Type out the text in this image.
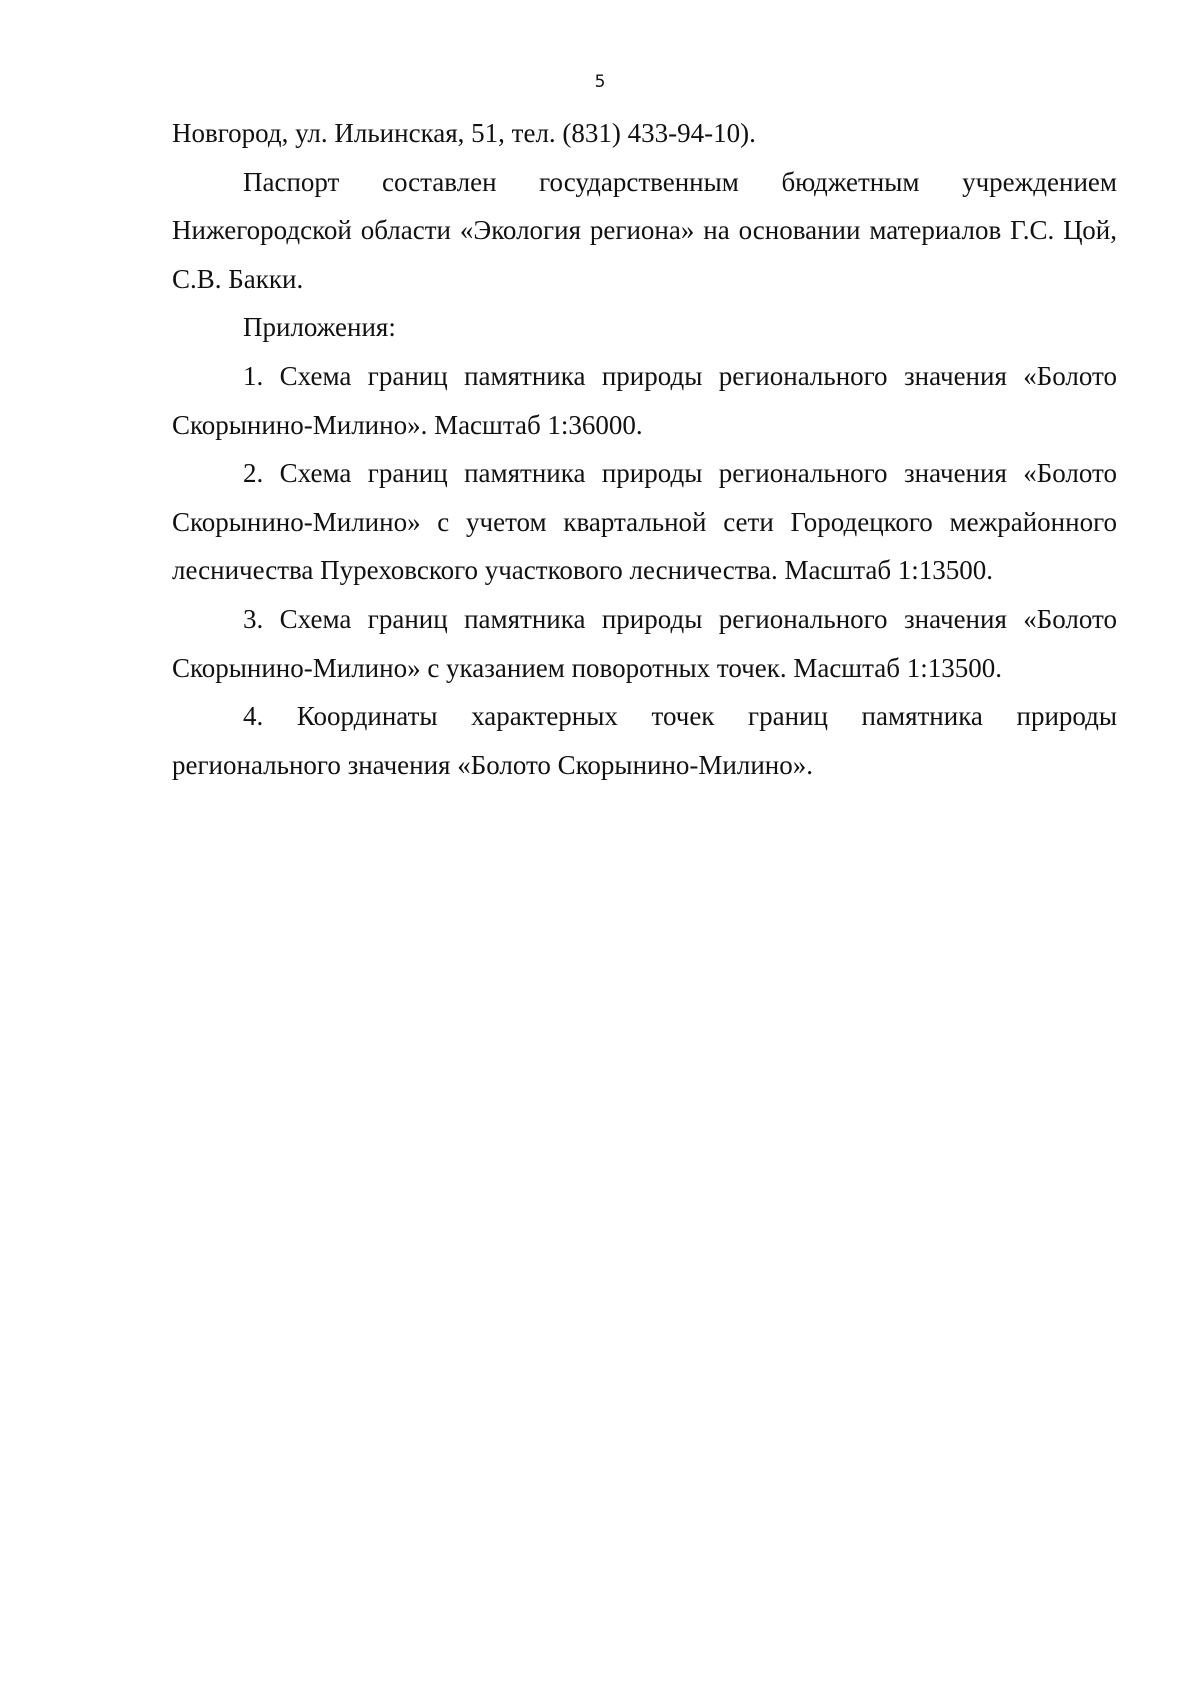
5

Новгород, ул. Ильинская, 51, тел. (831) 433-94-10).

Паспорт составлен государственным бюджетным учреждением Нижегородской области «Экология региона» на основании материалов Г.С. Цой, С.В. Бакки.

Приложения:

1. Схема границ памятника природы регионального значения «Болото Скорынино-Милино». Масштаб 1:36000.

2. Схема границ памятника природы регионального значения «Болото Скорынино-Милино» с учетом квартальной сети Городецкого межрайонного лесничества Пуреховского участкового лесничества. Масштаб 1:13500.

3. Схема границ памятника природы регионального значения «Болото Скорынино-Милино» с указанием поворотных точек. Масштаб 1:13500.

4. Координаты характерных точек границ памятника природы регионального значения «Болото Скорынино-Милино».
